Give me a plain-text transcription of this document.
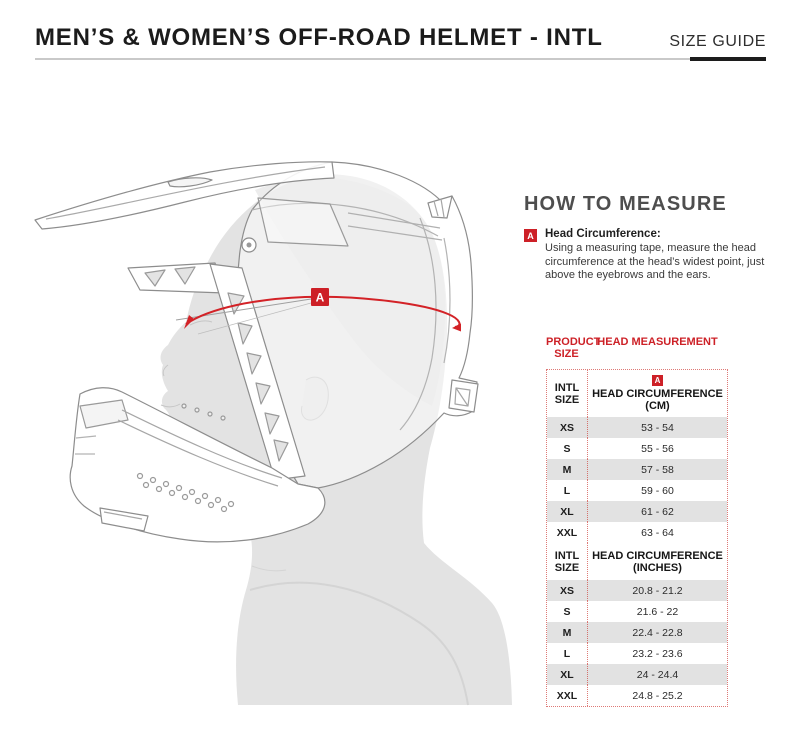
MEN’S & WOMEN’S OFF-ROAD HELMET - INTL	SIZE GUIDE
S
A
HOW TO MEASURE
A Head Circumference:

Using a measuring tape, measure the head circumference at the head’s widest point, just above the eyebrows and the ears.

PRODUCT SIZE
HEAD MEASUREMENT
INTL SIZE
A
HEAD CIRCUMFERENCE (CM)
XS	53 - 54
S	55 - 56
M	57 - 58
L	59 - 60
XL	61 - 62
XXL	63 - 64
INTL SIZE
HEAD CIRCUMFERENCE (INCHES)
XS	20.8 - 21.2
S	21.6 - 22
M	22.4 - 22.8
L	23.2 - 23.6
XL	24 - 24.4
XXL	24.8 - 25.2
